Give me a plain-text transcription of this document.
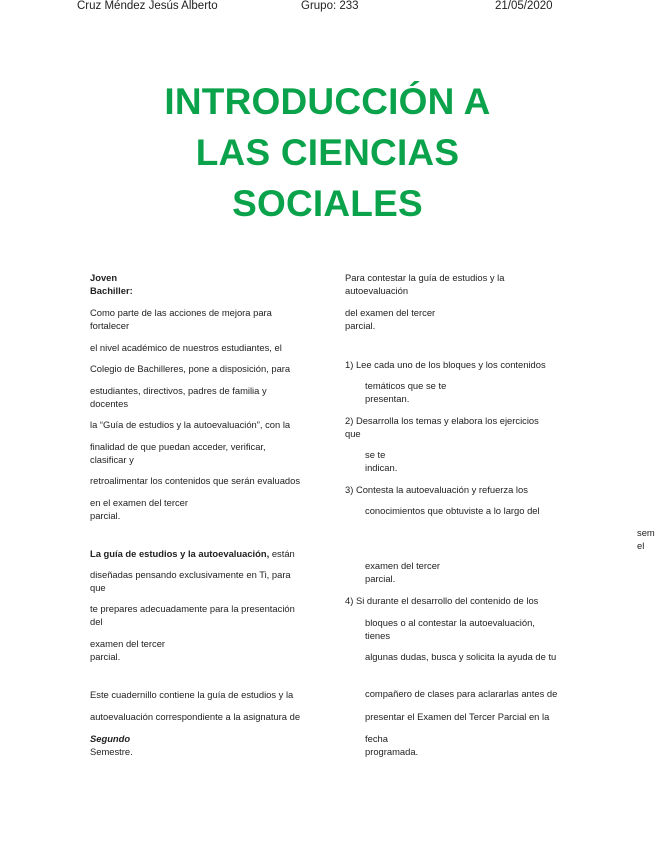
Cruz Méndez Jesús Alberto	Grupo: 233	21/05/2020
INTRODUCCIÓN A
LAS CIENCIAS
SOCIALES

Joven

Bachiller:

Como parte de las acciones de mejora para

fortalecer

el nivel académico de nuestros estudiantes, el

Colegio de Bachilleres, pone a disposición, para

estudiantes, directivos, padres de familia y

docentes

la “Guía de estudios y la autoevaluación”, con la

finalidad de que puedan acceder, verificar,

clasificar y

retroalimentar los contenidos que serán evaluados

en el examen del tercer

parcial.

La guía de estudios y la autoevaluación, están

diseñadas pensando exclusivamente en Ti, para

que

te prepares adecuadamente para la presentación

del

examen del tercer

parcial.

Este cuadernillo contiene la guía de estudios y la

autoevaluación correspondiente a la asignatura de

Segundo

Semestre.

Para contestar la guía de estudios y la

autoevaluación

del examen del tercer

parcial.

1) Lee cada uno de los bloques y los contenidos

temáticos que se te

presentan.

2) Desarrolla los temas y elabora los ejercicios

que

se te

indican.

3) Contesta la autoevaluación y refuerza los

conocimientos que obtuviste a lo largo del

examen del tercer

parcial.

4) Si durante el desarrollo del contenido de los

bloques o al contestar la autoevaluación,

tienes

algunas dudas, busca y solicita la ayuda de tu

compañero de clases para aclararlas antes de

presentar el Examen del Tercer Parcial en la

fecha

programada.

sem
el
